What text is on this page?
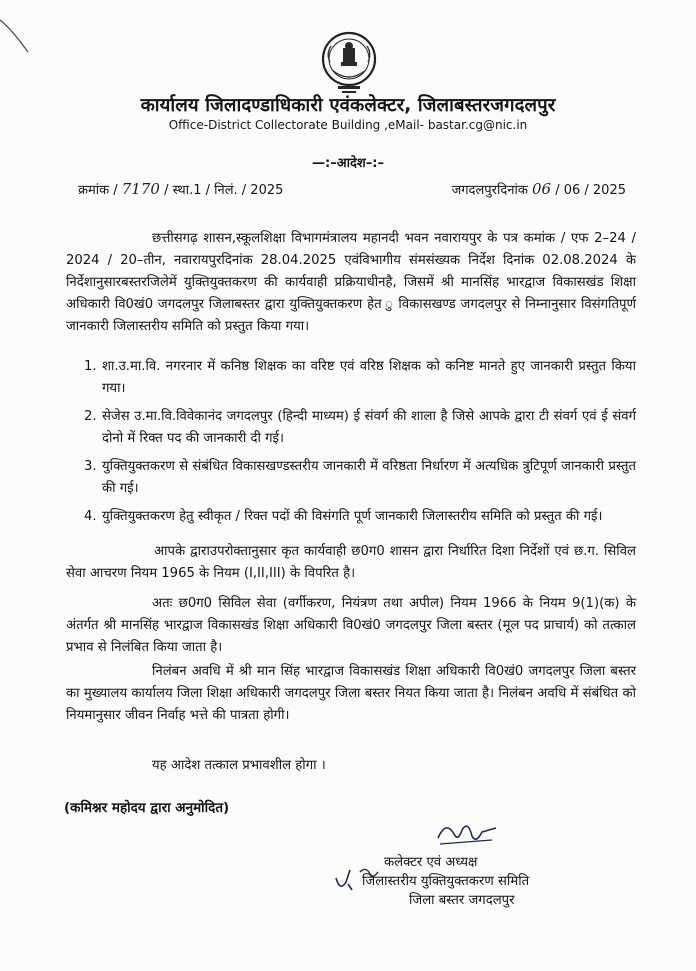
कार्यालय जिलादण्डाधिकारी एवंकलेक्टर, जिलाबस्तरजगदलपुर
Office-District Collectorate Building ,eMail- bastar.cg@nic.in
—:–आदेश–:–
क्रमांक / 7170 / स्था.1 / निलं. / 2025	जगदलपुरदिनांक 06 / 06 / 2025

छत्तीसगढ़ शासन,स्कूलशिक्षा विभागमंत्रालय महानदी भवन नवारायपुर के पत्र कमांक / एफ 2–24 / 2024 / 20–तीन, नवारायपुरदिनांक 28.04.2025 एवंविभागीय संमसंख्यक निर्देश दिनांक 02.08.2024 के निर्देशानुसारबस्तरजिलेमें युक्तियुक्तकरण की कार्यवाही प्रक्रियाधीनहै, जिसमें श्री मानसिंह भारद्वाज विकासखंड शिक्षा अधिकारी वि0खं0 जगदलपुर जिलाबस्तर द्वारा युक्तियुक्तकरण हेत ु विकासखण्ड जगदलपुर से निम्नानुसार विसंगतिपूर्ण जानकारी जिलास्तरीय समिति को प्रस्तुत किया गया।

1. शा.उ.मा.वि. नगरनार में कनिष्ठ शिक्षक का वरिष्ट एवं वरिष्ठ शिक्षक को कनिष्ट मानते हुए जानकारी प्रस्तुत किया गया।
2. सेजेस उ.मा.वि.विवेकानंद जगदलपुर (हिन्दी माध्यम) ई संवर्ग की शाला है जिसे आपके द्वारा टी संवर्ग एवं ई संवर्ग दोनो में रिक्त पद की जानकारी दी गई।
3. युक्तियुक्तकरण से संबंधित विकासखण्डस्तरीय जानकारी में वरिष्ठता निर्धारण में अत्यधिक त्रुटिपूर्ण जानकारी प्रस्तुत की गई।
4. युक्तियुक्तकरण हेतु स्वीकृत / रिक्त पदों की विसंगति पूर्ण जानकारी जिलास्तरीय समिति को प्रस्तुत की गई।

आपके द्वाराउपरोक्तानुसार कृत कार्यवाही छ0ग0 शासन द्वारा निर्धारित दिशा निर्देशों एवं छ.ग. सिविल सेवा आचरण नियम 1965 के नियम (I,II,III) के विपरित है।

अतः छ0ग0 सिविल सेवा (वर्गीकरण, नियंत्रण तथा अपील) नियम 1966 के नियम 9(1)(क) के अंतर्गत श्री मानसिंह भारद्वाज विकासखंड शिक्षा अधिकारी वि0खं0 जगदलपुर जिला बस्तर (मूल पद प्राचार्य) को तत्काल प्रभाव से निलंबित किया जाता है।

निलंबन अवधि में श्री मान सिंह भारद्वाज विकासखंड शिक्षा अधिकारी वि0खं0 जगदलपुर जिला बस्तर का मुख्यालय कार्यालय जिला शिक्षा अधिकारी जगदलपुर जिला बस्तर नियत किया जाता है। निलंबन अवधि में संबंधित को नियमानुसार जीवन निर्वाह भत्ते की पात्रता होगी।

यह आदेश तत्काल प्रभावशील होगा ।

(कमिश्नर महोदय द्वारा अनुमोदित)
कलेक्टर एवं अध्यक्ष
जिलास्तरीय युक्तियुक्तकरण समिति
जिला बस्तर जगदलपुर
